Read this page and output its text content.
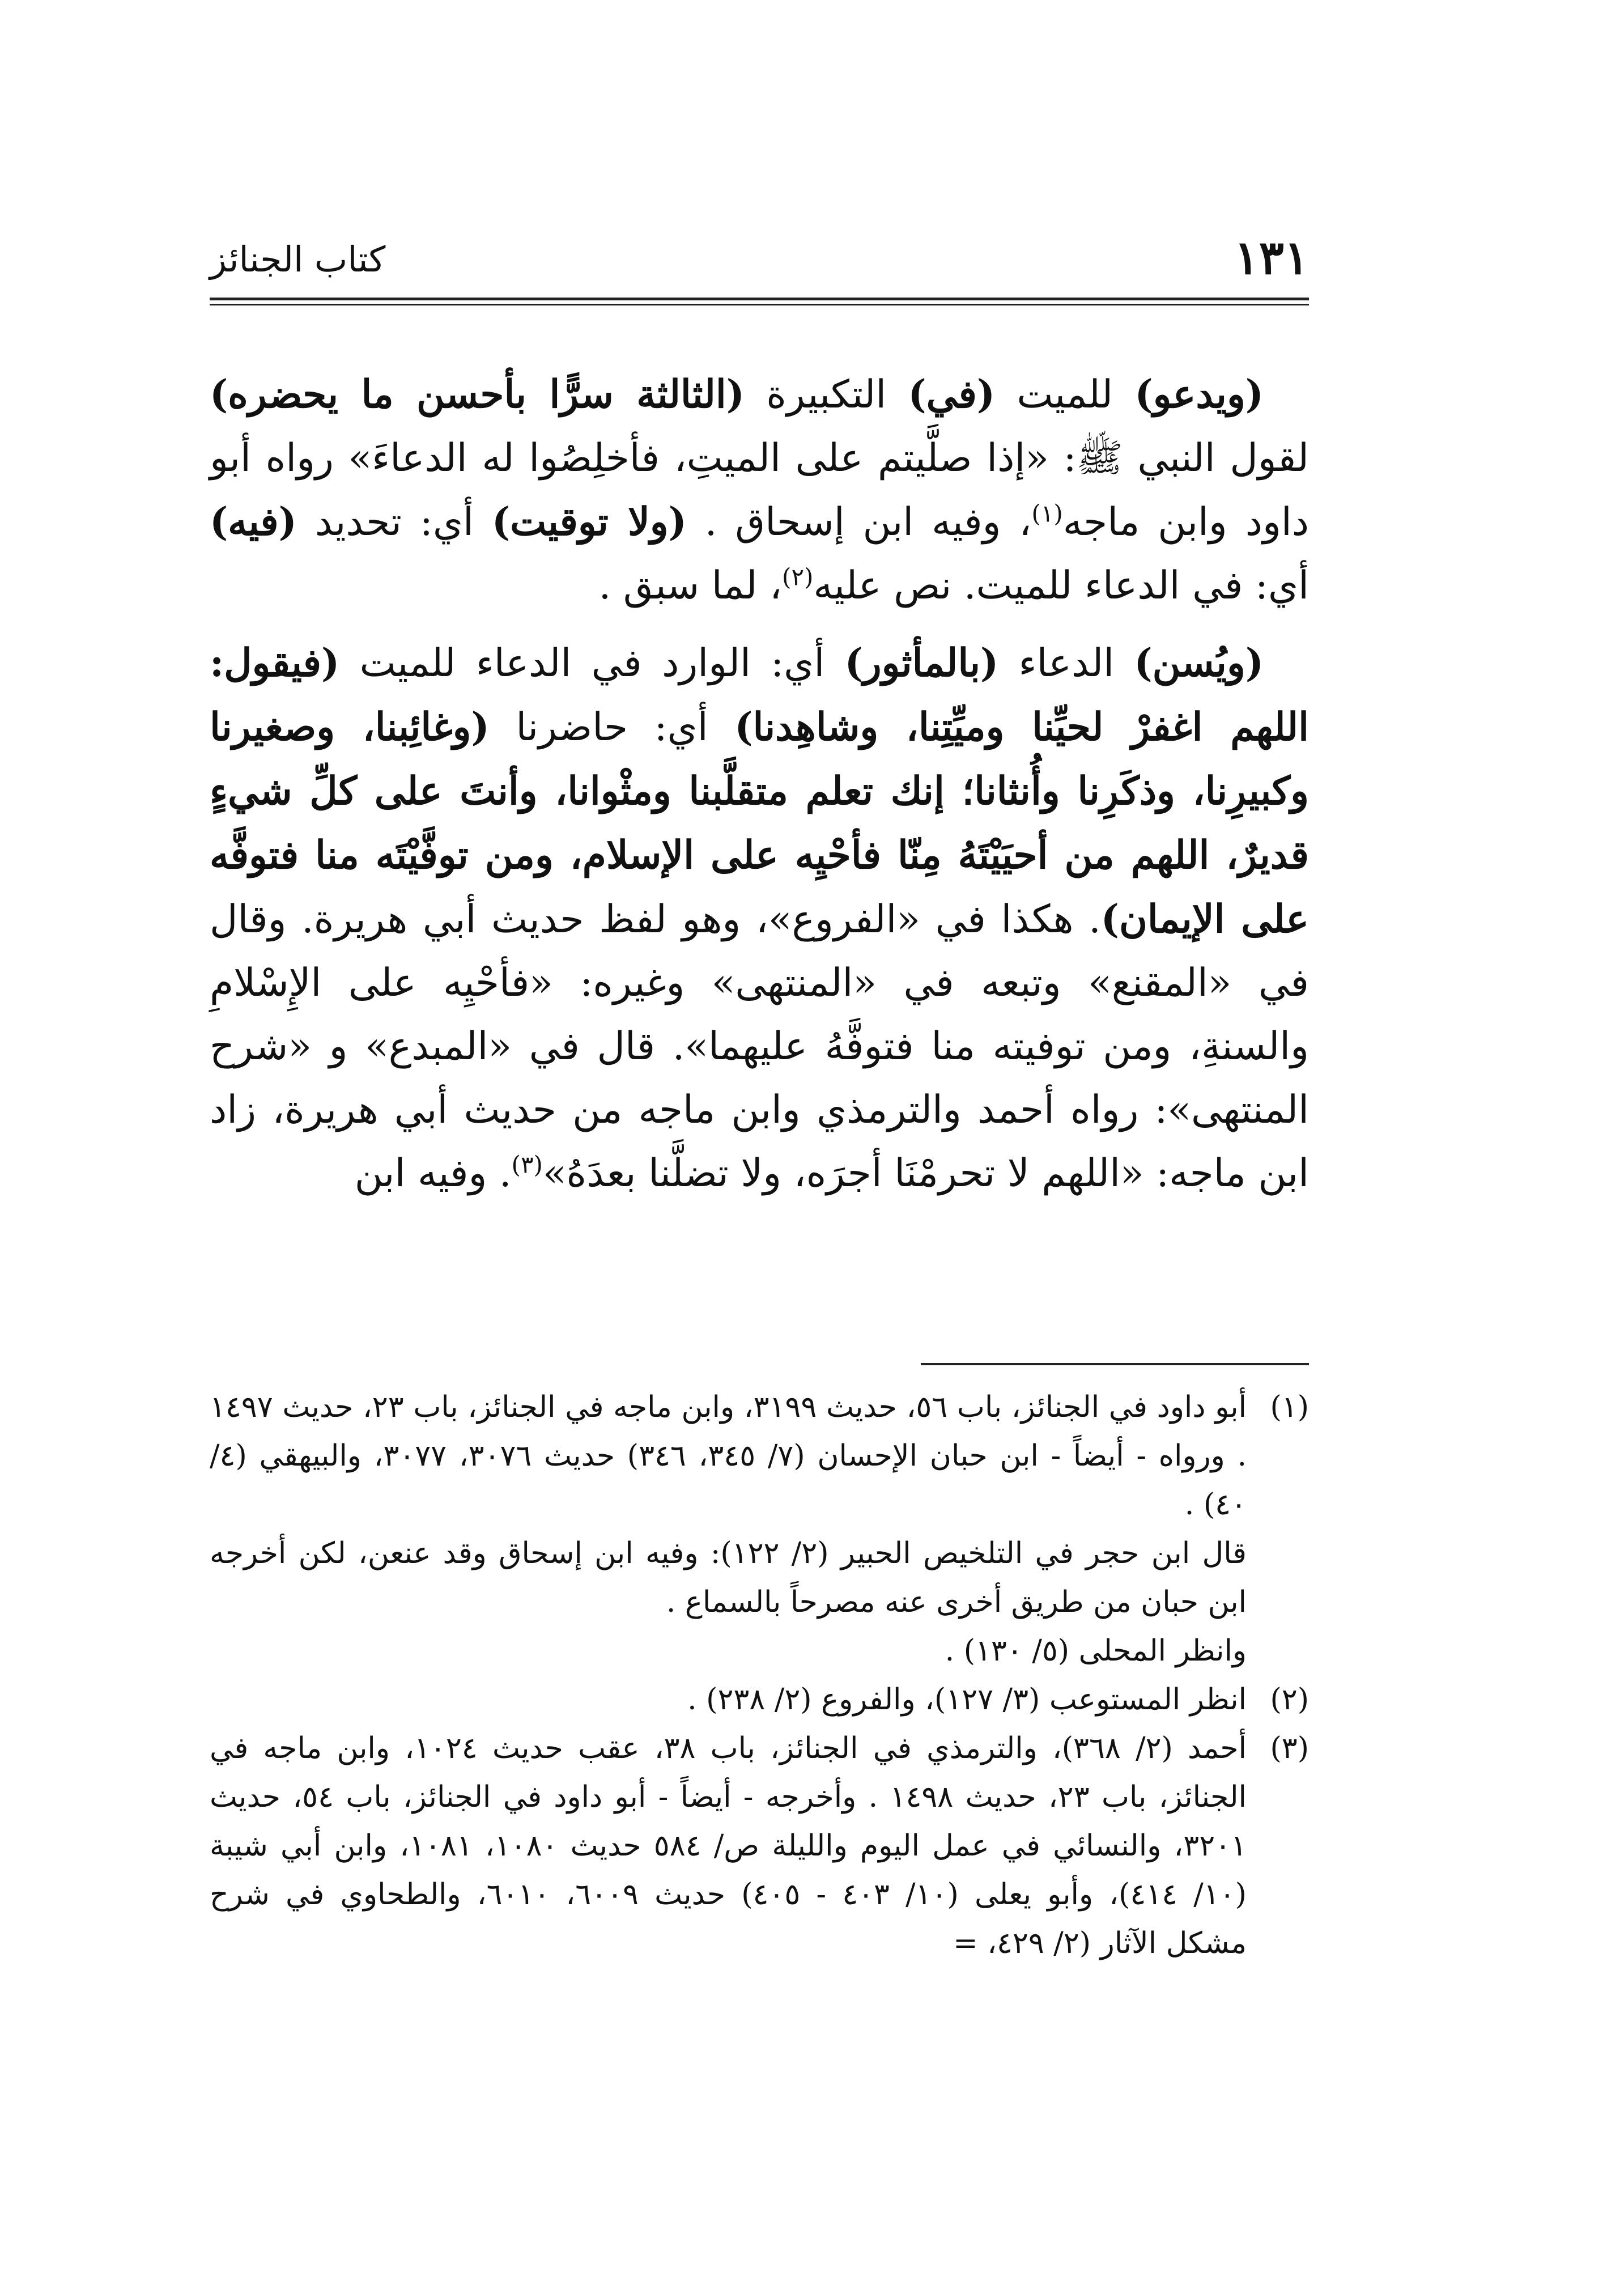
١٣١
كتاب الجنائز

(ويدعو) للميت (في) التكبيرة (الثالثة سرًّا بأحسن ما يحضره) لقول النبي ﷺ: «إذا صلَّيتم على الميتِ، فأخلِصُوا له الدعاءَ» رواه أبو داود وابن ماجه$^{(١)}$، وفيه ابن إسحاق . (ولا توقيت) أي: تحديد (فيه) أي: في الدعاء للميت. نص عليه$^{(٢)}$، لما سبق .

(ويُسن) الدعاء (بالمأثور) أي: الوارد في الدعاء للميت (فيقول: اللهم اغفرْ لحيِّنا وميِّتِنا، وشاهِدنا) أي: حاضرنا (وغائِبنا، وصغيرنا وكبيرِنا، وذكَرِنا وأُنثانا؛ إنك تعلم متقلَّبنا ومثْوانا، وأنتَ على كلِّ شيءٍ قديرٌ، اللهم من أحيَيْتَهُ مِنّا فأحْيِه على الإسلام، ومن توفَّيْتَه منا فتوفَّه على الإيمان). هكذا في «الفروع»، وهو لفظ حديث أبي هريرة. وقال في «المقنع» وتبعه في «المنتهى» وغيره: «فأحْيِه على الإِسْلامِ والسنةِ، ومن توفيته منا فتوفَّهُ عليهما». قال في «المبدع» و «شرح المنتهى»: رواه أحمد والترمذي وابن ماجه من حديث أبي هريرة، زاد ابن ماجه: «اللهم لا تحرمْنَا أجرَه، ولا تضلَّنا بعدَهُ»$^{(٣)}$. وفيه ابن

(١)
أبو داود في الجنائز، باب ٥٦، حديث ٣١٩٩، وابن ماجه في الجنائز، باب ٢٣، حديث ١٤٩٧ . ورواه - أيضاً - ابن حبان الإحسان (٧/ ٣٤٥، ٣٤٦) حديث ٣٠٧٦، ٣٠٧٧، والبيهقي (٤/ ٤٠) .
قال ابن حجر في التلخيص الحبير (٢/ ١٢٢): وفيه ابن إسحاق وقد عنعن، لكن أخرجه ابن حبان من طريق أخرى عنه مصرحاً بالسماع .
وانظر المحلى (٥/ ١٣٠) .
(٢)
انظر المستوعب (٣/ ١٢٧)، والفروع (٢/ ٢٣٨) .
(٣)
أحمد (٢/ ٣٦٨)، والترمذي في الجنائز، باب ٣٨، عقب حديث ١٠٢٤، وابن ماجه في الجنائز، باب ٢٣، حديث ١٤٩٨ . وأخرجه - أيضاً - أبو داود في الجنائز، باب ٥٤، حديث ٣٢٠١، والنسائي في عمل اليوم والليلة ص/ ٥٨٤ حديث ١٠٨٠، ١٠٨١، وابن أبي شيبة (١٠/ ٤١٤)، وأبو يعلى (١٠/ ٤٠٣ - ٤٠٥) حديث ٦٠٠٩، ٦٠١٠، والطحاوي في شرح مشكل الآثار (٢/ ٤٢٩، =
